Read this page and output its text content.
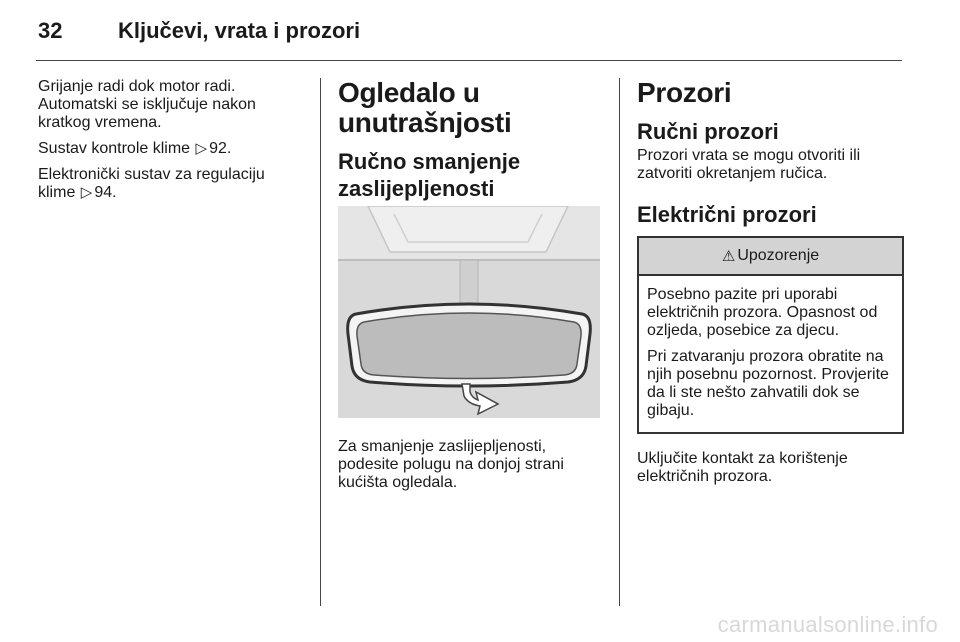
32	Ključevi, vrata i prozori

Grijanje radi dok motor radi. Automatski se isključuje nakon kratkog vremena.

Sustav kontrole klime ▷ 92.

Elektronički sustav za regulaciju klime ▷ 94.

Ogledalo u unutrašnjosti
Ručno smanjenje zaslijepljenosti

Za smanjenje zaslijepljenosti, podesite polugu na donjoj strani kućišta ogledala.

Prozori
Ručni prozori

Prozori vrata se mogu otvoriti ili zatvoriti okretanjem ručica.

Električni prozori
⚠ Upozorenje

Posebno pazite pri uporabi električnih prozora. Opasnost od ozljeda, posebice za djecu.

Pri zatvaranju prozora obratite na njih posebnu pozornost. Provjerite da li ste nešto zahvatili dok se gibaju.

Uključite kontakt za korištenje električnih prozora.

carmanualsonline.info
